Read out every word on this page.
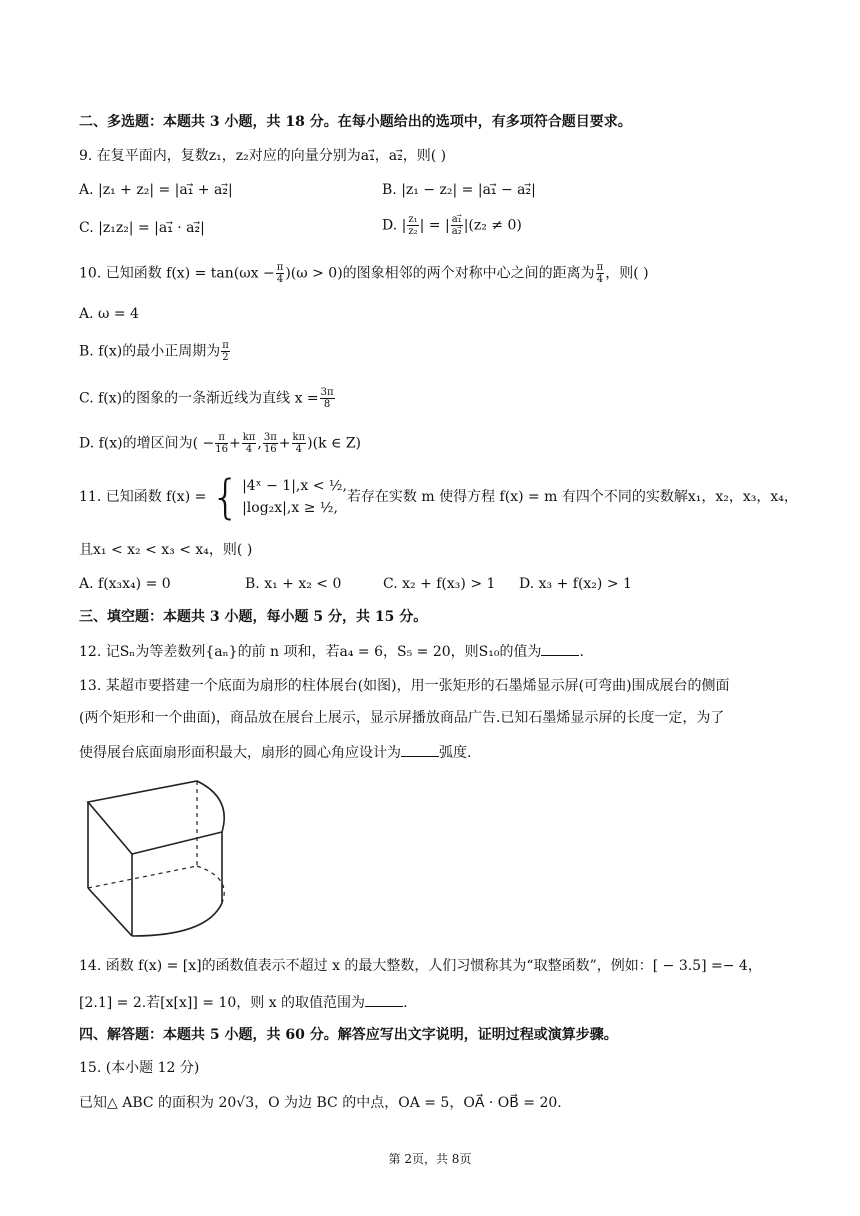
二、多选题：本题共 3 小题，共 18 分。在每小题给出的选项中，有多项符合题目要求。
9. 在复平面内，复数z₁，z₂对应的向量分别为a₁⃗，a₂⃗，则( )
A. |z₁ + z₂| = |a₁⃗ + a₂⃗|	B. |z₁ − z₂| = |a₁⃗ − a₂⃗|
C. |z₁z₂| = |a₁⃗ · a₂⃗|	D. | $\frac{\text{z₁}}{\text{z₂}}$ | = | $\frac{\text{a₁⃗}}{\text{a₂⃗}} |(z_2 \ne 0)$
10. 已知函数 $f(x) = \tan(\omega x - \frac{\pi}{4} )(\omega > 0)$的图象相邻的两个对称中心之间的距离为 $\frac{\pi}{4}$ ，则( )
A. ω = 4
B. f(x)的最小正周期为 $\frac{\pi}{2}$
C. f(x)的图象的一条渐近线为直线 $x = \frac{3\pi}{8}$
D. f(x)的增区间为( − $\frac{\pi}{16} + \frac{k\pi}{4}$ , $\frac{3\pi}{16} + \frac{k\pi}{4} )(k$ ∈ Z)
11. 已知函数 f(x) = { |4ˣ − 1|,x < ½,
|log₂x|,x ≥ ½,
若存在实数 m 使得方程 f(x) = m 有四个不同的实数解x₁，x₂，x₃，x₄，
且x₁ < x₂ < x₃ < x₄，则( )
A. f(x₃x₄) = 0	B. x₁ + x₂ < 0	C. x₂ + f(x₃) > 1 D. x₃ + f(x₂) > 1
三、填空题：本题共 3 小题，每小题 5 分，共 15 分。
12. 记Sₙ为等差数列{aₙ}的前 n 项和，若a₄ = 6，S₅ = 20，则S₁₀的值为	.
13. 某超市要搭建一个底面为扇形的柱体展台(如图)，用一张矩形的石墨烯显示屏(可弯曲)围成展台的侧面
(两个矩形和一个曲面)，商品放在展台上展示，显示屏播放商品广告.已知石墨烯显示屏的长度一定，为了
使得展台底面扇形面积最大，扇形的圆心角应设计为	弧度.
14. 函数 f(x) = [x]的函数值表示不超过 x 的最大整数，人们习惯称其为“取整函数”，例如：[ − 3.5] =− 4，
[2.1] = 2.若[x[x]] = 10，则 x 的取值范围为	.
四、解答题：本题共 5 小题，共 60 分。解答应写出文字说明，证明过程或演算步骤。
15. (本小题 12 分)
已知△ ABC 的面积为 20√3，O 为边 BC 的中点，OA = 5，OA⃗ · OB⃗ = 20.
第 2页，共 8页
